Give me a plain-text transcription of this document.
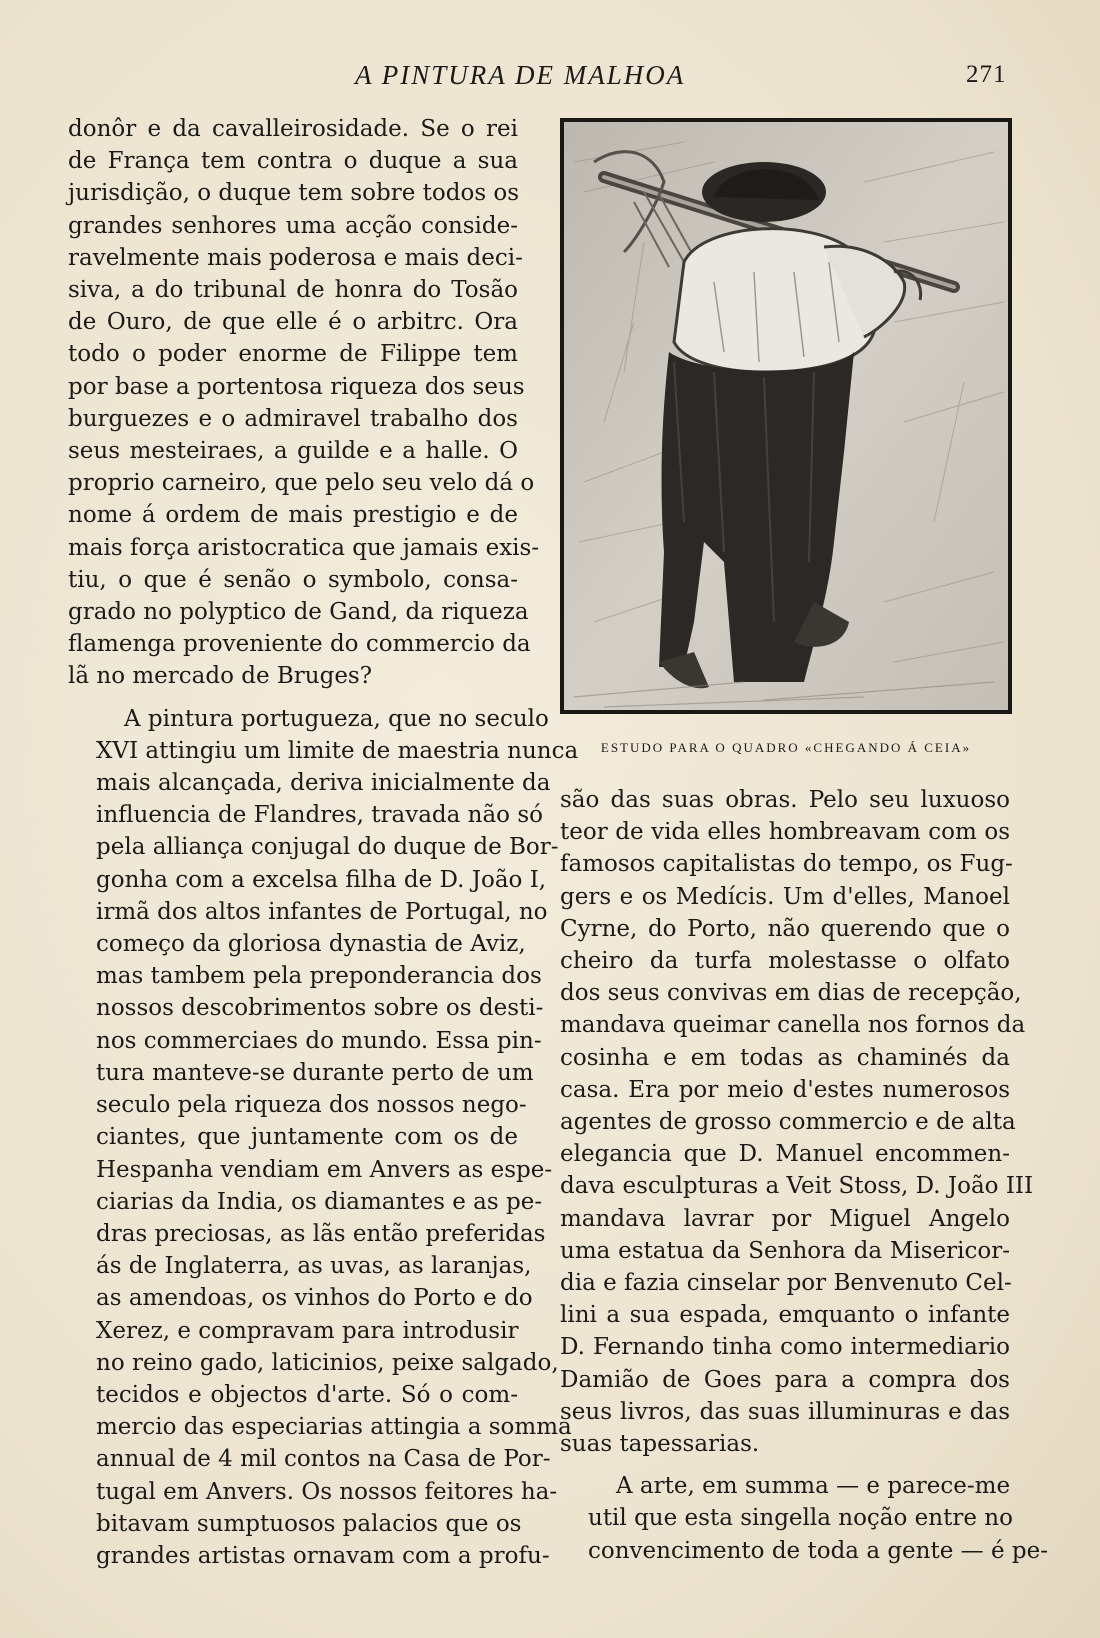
A PINTURA DE MALHOA	271

donôr e da cavalleirosidade. Se o rei
de França tem contra o duque a sua
jurisdição, o duque tem sobre todos os
grandes senhores uma acção conside-
ravelmente mais poderosa e mais deci-
siva, a do tribunal de honra do Tosão
de Ouro, de que elle é o arbitrc. Ora
todo o poder enorme de Filippe tem
por base a portentosa riqueza dos seus
burguezes e o admiravel trabalho dos
seus mesteiraes, a guilde e a halle. O
proprio carneiro, que pelo seu velo dá o
nome á ordem de mais prestigio e de
mais força aristocratica que jamais exis-
tiu, o que é senão o symbolo, consa-
grado no polyptico de Gand, da riqueza
flamenga proveniente do commercio da
lã no mercado de Bruges?

A pintura portugueza, que no seculo
XVI attingiu um limite de maestria nunca
mais alcançada, deriva inicialmente da
influencia de Flandres, travada não só
pela alliança conjugal do duque de Bor-
gonha com a excelsa filha de D. João I,
irmã dos altos infantes de Portugal, no
começo da gloriosa dynastia de Aviz,
mas tambem pela preponderancia dos
nossos descobrimentos sobre os desti-
nos commerciaes do mundo. Essa pin-
tura manteve-se durante perto de um
seculo pela riqueza dos nossos nego-
ciantes, que juntamente com os de
Hespanha vendiam em Anvers as espe-
ciarias da India, os diamantes e as pe-
dras preciosas, as lãs então preferidas
ás de Inglaterra, as uvas, as laranjas,
as amendoas, os vinhos do Porto e do
Xerez, e compravam para introdusir
no reino gado, laticinios, peixe salgado,
tecidos e objectos d'arte. Só o com-
mercio das especiarias attingia a somma
annual de 4 mil contos na Casa de Por-
tugal em Anvers. Os nossos feitores ha-
bitavam sumptuosos palacios que os
grandes artistas ornavam com a profu-

ESTUDO PARA O QUADRO «CHEGANDO Á CEIA»

são das suas obras. Pelo seu luxuoso
teor de vida elles hombreavam com os
famosos capitalistas do tempo, os Fug-
gers e os Medícis. Um d'elles, Manoel
Cyrne, do Porto, não querendo que o
cheiro da turfa molestasse o olfato
dos seus convivas em dias de recepção,
mandava queimar canella nos fornos da
cosinha e em todas as chaminés da
casa. Era por meio d'estes numerosos
agentes de grosso commercio e de alta
elegancia que D. Manuel encommen-
dava esculpturas a Veit Stoss, D. João III
mandava lavrar por Miguel Angelo
uma estatua da Senhora da Misericor-
dia e fazia cinselar por Benvenuto Cel-
lini a sua espada, emquanto o infante
D. Fernando tinha como intermediario
Damião de Goes para a compra dos
seus livros, das suas illuminuras e das
suas tapessarias.

A arte, em summa — e parece-me
util que esta singella noção entre no
convencimento de toda a gente — é pe-
